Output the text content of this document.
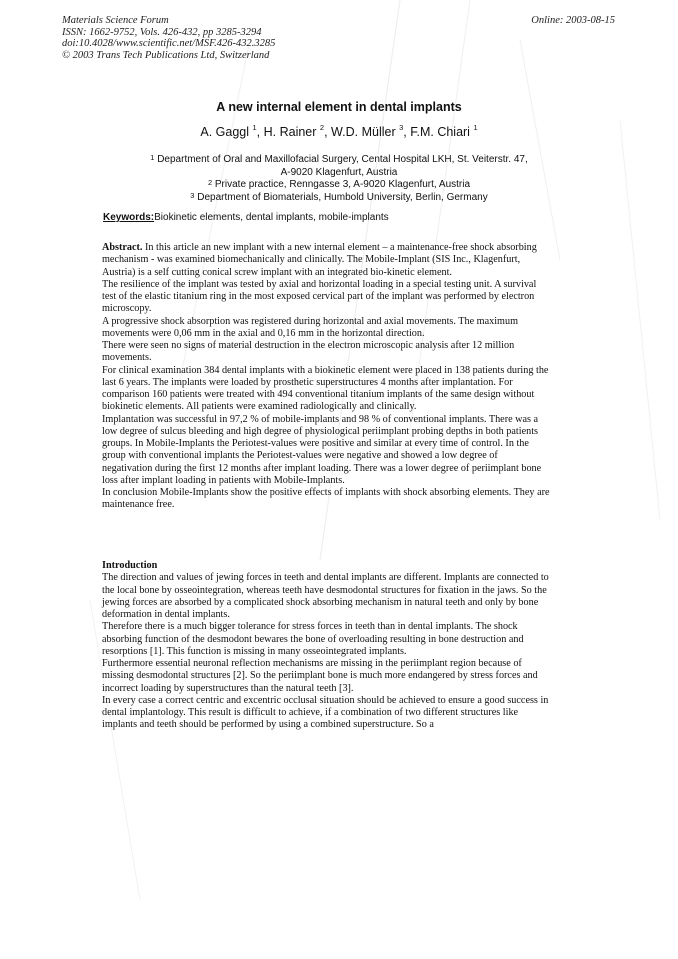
Materials Science Forum
ISSN: 1662-9752, Vols. 426-432, pp 3285-3294
doi:10.4028/www.scientific.net/MSF.426-432.3285
© 2003 Trans Tech Publications Ltd, Switzerland
Online: 2003-08-15
A new internal element in dental implants
A. Gaggl $^1$, H. Rainer $^2$, W.D. Müller $^3$, F.M. Chiari $^1$
$^1$ Department of Oral and Maxillofacial Surgery, Cental Hospital LKH, St. Veiterstr. 47,
A-9020 Klagenfurt, Austria
$^2$ Private practice, Renngasse 3, A-9020 Klagenfurt, Austria
$^3$ Department of Biomaterials, Humbold University, Berlin, Germany
Keywords:Biokinetic elements, dental implants, mobile-implants

Abstract. In this article an new implant with a new internal element – a maintenance-free shock absorbing mechanism - was examined biomechanically and clinically. The Mobile-Implant (SIS Inc., Klagenfurt, Austria) is a self cutting conical screw implant with an integrated bio-kinetic element.

The resilience of the implant was tested by axial and horizontal loading in a special testing unit. A survival test of the elastic titanium ring in the most exposed cervical part of the implant was performed by electron microscopy.

A progressive shock absorption was registered during horizontal and axial movements. The maximum movements were 0,06 mm in the axial and 0,16 mm in the horizontal direction.

There were seen no signs of material destruction in the electron microscopic analysis after 12 million movements.

For clinical examination 384 dental implants with a biokinetic element were placed in 138 patients during the last 6 years. The implants were loaded by prosthetic superstructures 4 months after implantation. For comparison 160 patients were treated with 494 conventional titanium implants of the same design without biokinetic elements. All patients were examined radiologically and clinically.

Implantation was successful in 97,2 % of mobile-implants and 98 % of conventional implants. There was a low degree of sulcus bleeding and high degree of physiological periimplant probing depths in both patients groups. In Mobile-Implants the Periotest-values were positive and similar at every time of control. In the group with conventional implants the Periotest-values were negative and showed a low degree of negativation during the first 12 months after implant loading. There was a lower degree of periimplant bone loss after implant loading in patients with Mobile-Implants.

In conclusion Mobile-Implants show the positive effects of implants with shock absorbing elements. They are maintenance free.

Introduction

The direction and values of jewing forces in teeth and dental implants are different. Implants are connected to the local bone by osseointegration, whereas teeth have desmodontal structures for fixation in the jaws. So the jewing forces are absorbed by a complicated shock absorbing mechanism in natural teeth and only by bone deformation in dental implants.

Therefore there is a much bigger tolerance for stress forces in teeth than in dental implants. The shock absorbing function of the desmodont bewares the bone of overloading resulting in bone destruction and resorptions [1]. This function is missing in many osseointegrated implants.

Furthermore essential neuronal reflection mechanisms are missing in the periimplant region because of missing desmodontal structures [2]. So the periimplant bone is much more endangered by stress forces and incorrect loading by superstructures than the natural teeth [3].

In every case a correct centric and excentric occlusal situation should be achieved to ensure a good success in dental implantology. This result is difficult to achieve, if a combination of two different structures like implants and teeth should be performed by using a combined superstructure. So a
